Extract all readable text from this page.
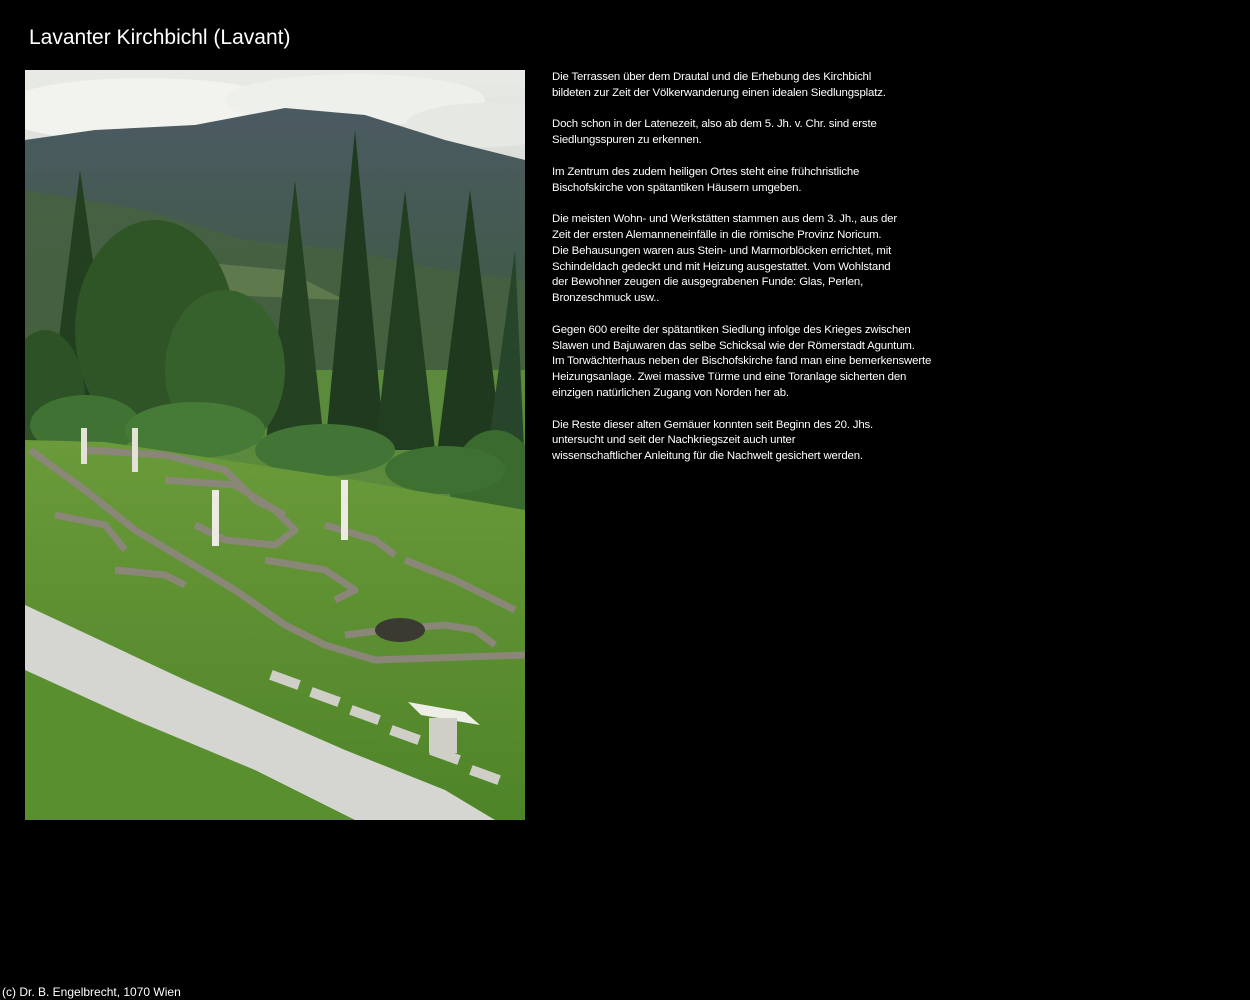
Lavanter Kirchbichl (Lavant)

Die Terrassen über dem Drautal und die Erhebung des Kirchbichl
bildeten zur Zeit der Völkerwanderung einen idealen Siedlungsplatz.

Doch schon in der Latenezeit, also ab dem 5. Jh. v. Chr. sind erste
Siedlungsspuren zu erkennen.

Im Zentrum des zudem heiligen Ortes steht eine frühchristliche
Bischofskirche von spätantiken Häusern umgeben.

Die meisten Wohn- und Werkstätten stammen aus dem 3. Jh., aus der
Zeit der ersten Alemanneneinfälle in die römische Provinz Noricum.
Die Behausungen waren aus Stein- und Marmorblöcken errichtet, mit
Schindeldach gedeckt und mit Heizung ausgestattet. Vom Wohlstand
der Bewohner zeugen die ausgegrabenen Funde: Glas, Perlen,
Bronzeschmuck usw..

Gegen 600 ereilte der spätantiken Siedlung infolge des Krieges zwischen
Slawen und Bajuwaren das selbe Schicksal wie der Römerstadt Aguntum.
Im Torwächterhaus neben der Bischofskirche fand man eine bemerkenswerte
Heizungsanlage. Zwei massive Türme und eine Toranlage sicherten den
einzigen natürlichen Zugang von Norden her ab.

Die Reste dieser alten Gemäuer konnten seit Beginn des 20. Jhs.
untersucht und seit der Nachkriegszeit auch unter
wissenschaftlicher Anleitung für die Nachwelt gesichert werden.

(c) Dr. B. Engelbrecht, 1070 Wien
